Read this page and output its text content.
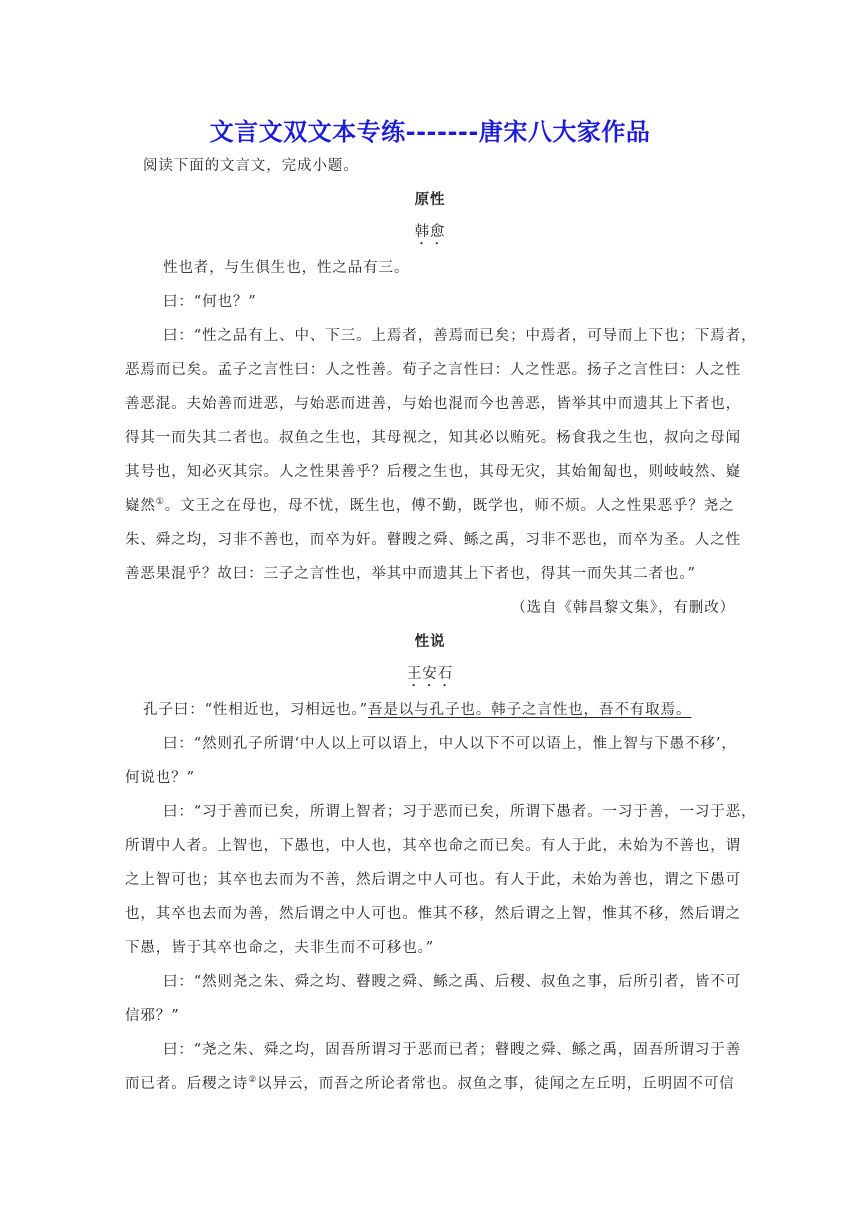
文言文双文本专练-------唐宋八大家作品
阅读下面的文言文，完成小题。
原性
韩愈
性也者，与生俱生也，性之品有三。
曰：“何也？”
曰：“性之品有上、中、下三。上焉者，善焉而已矣；中焉者，可导而上下也；下焉者，
恶焉而已矣。孟子之言性曰：人之性善。荀子之言性曰：人之性恶。扬子之言性曰：人之性
善恶混。夫始善而进恶，与始恶而进善，与始也混而今也善恶，皆举其中而遗其上下者也，
得其一而失其二者也。叔鱼之生也，其母视之，知其必以贿死。杨食我之生也，叔向之母闻
其号也，知必灭其宗。人之性果善乎？后稷之生也，其母无灾，其始匍匐也，则岐岐然、嶷
嶷然①。文王之在母也，母不忧，既生也，傅不勤，既学也，师不烦。人之性果恶乎？尧之
朱、舜之均，习非不善也，而卒为奸。瞽瞍之舜、鲧之禹，习非不恶也，而卒为圣。人之性
善恶果混乎？故曰：三子之言性也，举其中而遗其上下者也，得其一而失其二者也。”
（选自《韩昌黎文集》，有删改）
性说
王安石
孔子曰：“性相近也，习相远也。”吾是以与孔子也。韩子之言性也，吾不有取焉。
曰：“然则孔子所谓‘中人以上可以语上，中人以下不可以语上，惟上智与下愚不移’，
何说也？”
曰：“习于善而已矣，所谓上智者；习于恶而已矣，所谓下愚者。一习于善，一习于恶，
所谓中人者。上智也，下愚也，中人也，其卒也命之而已矣。有人于此，未始为不善也，谓
之上智可也；其卒也去而为不善，然后谓之中人可也。有人于此，未始为善也，谓之下愚可
也，其卒也去而为善，然后谓之中人可也。惟其不移，然后谓之上智，惟其不移，然后谓之
下愚，皆于其卒也命之，夫非生而不可移也。”
曰：“然则尧之朱、舜之均、瞽瞍之舜、鲧之禹、后稷、叔鱼之事，后所引者，皆不可
信邪？”
曰：“尧之朱、舜之均，固吾所谓习于恶而已者；瞽瞍之舜、鲧之禹，固吾所谓习于善
而已者。后稷之诗②以异云，而吾之所论者常也。叔鱼之事，徒闻之左丘明，丘明固不可信
